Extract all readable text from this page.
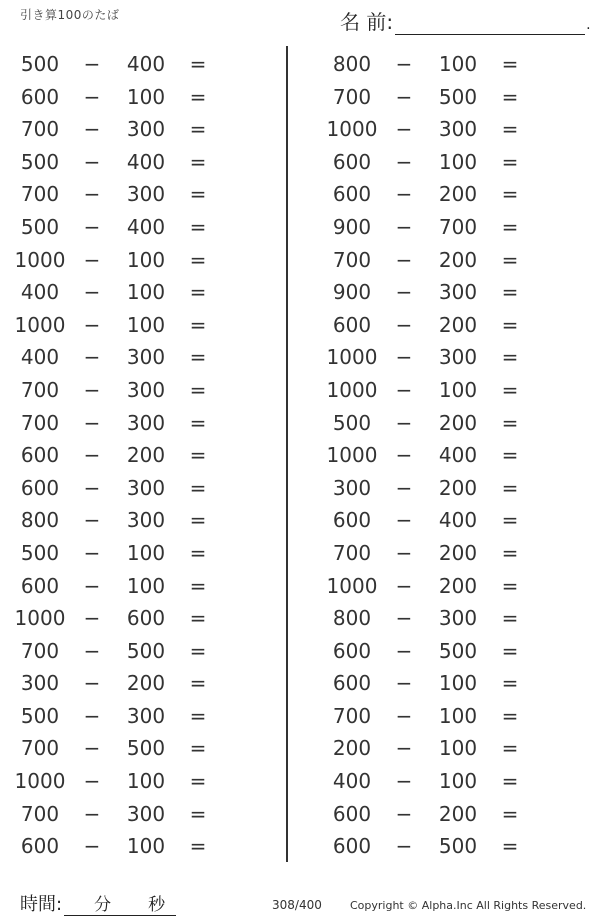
引き算100のたば	名 前:	.
500	−	400	=
600	−	100	=
700	−	300	=
500	−	400	=
700	−	300	=
500	−	400	=
1000 −	100	=
400	−	100	=
1000 −	100	=
400	−	300	=
700	−	300	=
700	−	300	=
600	−	200	=
600	−	300	=
800	−	300	=
500	−	100	=
600	−	100	=
1000 −	600	=
700	−	500	=
300	−	200	=
500	−	300	=
700	−	500	=
1000 −	100	=
700	−	300	=
600	−	100	=
800	−	100	=
700	−	500	=
1000 −	300	=
600	−	100	=
600	−	200	=
900	−	700	=
700	−	200	=
900	−	300	=
600	−	200	=
1000 −	300	=
1000 −	100	=
500	−	200	=
1000 −	400	=
300	−	200	=
600	−	400	=
700	−	200	=
1000 −	200	=
800	−	300	=
600	−	500	=
600	−	100	=
700	−	100	=
200	−	100	=
400	−	100	=
600	−	200	=
600	−	500	=
時間: 分 秒	308/400	Copyright © Alpha.Inc All Rights Reserved.
